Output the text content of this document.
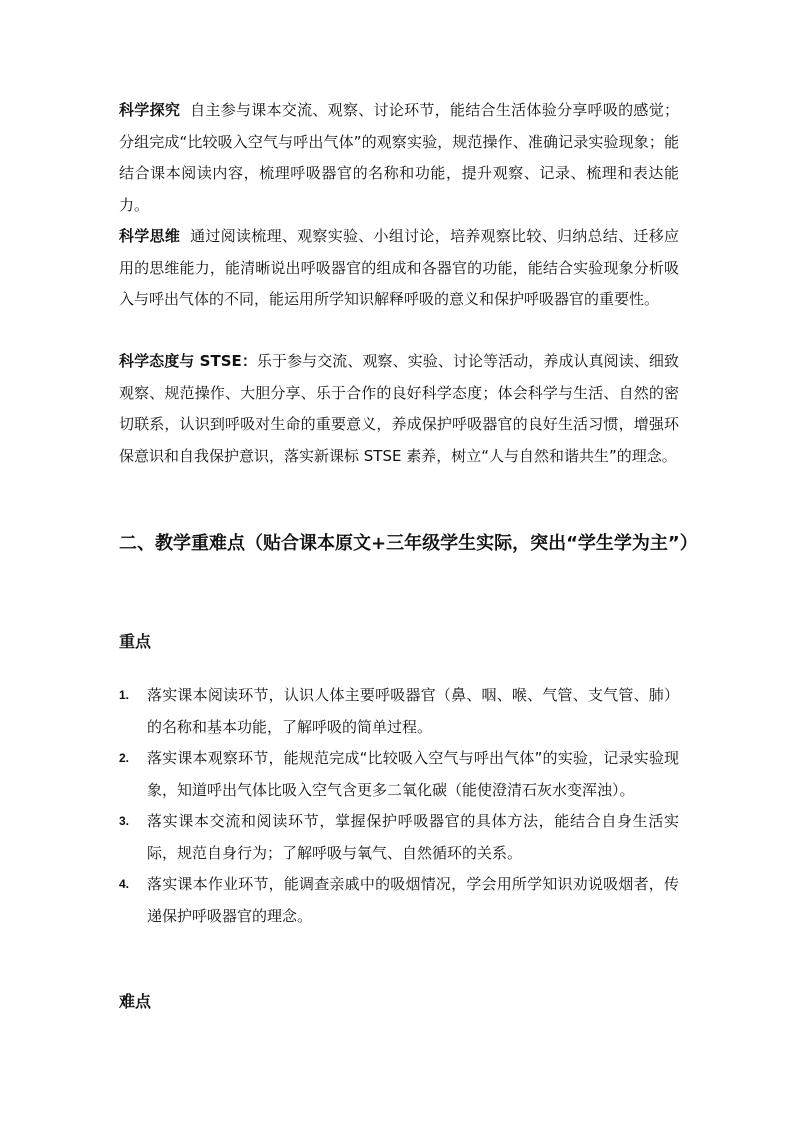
科学探究 自主参与课本交流、观察、讨论环节，能结合生活体验分享呼吸的感觉；分组完成“比较吸入空气与呼出气体”的观察实验，规范操作、准确记录实验现象；能结合课本阅读内容，梳理呼吸器官的名称和功能，提升观察、记录、梳理和表达能力。

科学思维 通过阅读梳理、观察实验、小组讨论，培养观察比较、归纳总结、迁移应用的思维能力，能清晰说出呼吸器官的组成和各器官的功能，能结合实验现象分析吸入与呼出气体的不同，能运用所学知识解释呼吸的意义和保护呼吸器官的重要性。

科学态度与 STSE：乐于参与交流、观察、实验、讨论等活动，养成认真阅读、细致观察、规范操作、大胆分享、乐于合作的良好科学态度；体会科学与生活、自然的密切联系，认识到呼吸对生命的重要意义，养成保护呼吸器官的良好生活习惯，增强环保意识和自我保护意识，落实新课标 STSE 素养，树立“人与自然和谐共生”的理念。

二、教学重难点（贴合课本原文+三年级学生实际，突出“学生学为主”）
重点
1. 落实课本阅读环节，认识人体主要呼吸器官（鼻、咽、喉、气管、支气管、肺）的名称和基本功能，了解呼吸的简单过程。
2. 落实课本观察环节，能规范完成“比较吸入空气与呼出气体”的实验，记录实验现象，知道呼出气体比吸入空气含更多二氧化碳（能使澄清石灰水变浑浊）。
3. 落实课本交流和阅读环节，掌握保护呼吸器官的具体方法，能结合自身生活实际，规范自身行为；了解呼吸与氧气、自然循环的关系。
4. 落实课本作业环节，能调查亲戚中的吸烟情况，学会用所学知识劝说吸烟者，传递保护呼吸器官的理念。
难点
